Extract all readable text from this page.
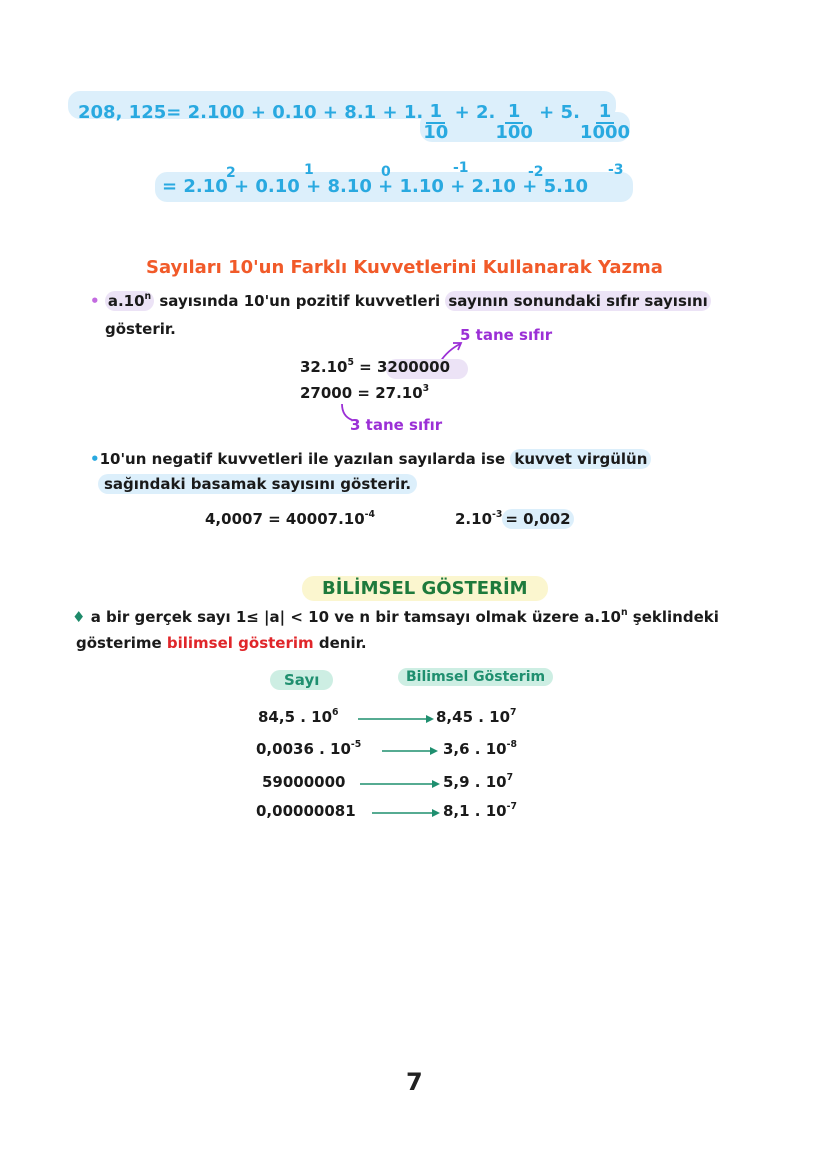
208, 125= 2.100 + 0.10 + 8.1 + 1. $\frac{1}{10} + 2$. $\frac{1}{100} + 5$. $\frac{1}{1000}$
= 2.10 + 0.10 + 8.10 + 1.10 + 2.10 + 5.10
2	1	0	-1	-2	-3
Sayıları 10'un Farklı Kuvvetlerini Kullanarak Yazma
• a.10$^n$ sayısında 10'un pozitif kuvvetleri sayının sonundaki sıfır sayısını
gösterir.	5 tane sıfır
$32.10^5 = 3200000$
$27000 = 27.10^3$
3 tane sıfır
•10'un negatif kuvvetleri ile yazılan sayılarda ise kuvvet virgülün
sağındaki basamak sayısını gösterir.
$4,0007 = 40007.10^{-4}$	$2.10^{-3} = 0,002$
BİLİMSEL GÖSTERİM
♦ a bir gerçek sayı 1≤ |a| < 10 ve n bir tamsayı olmak üzere a.10$^n$ şeklindeki
gösterime bilimsel gösterim denir.
Sayı	Bilimsel Gösterim
84,5 . $10^6$	8,45 . $10^7$
0,0036 . $10^{-5}$	3,6 . $10^{-8}$
59000000	5,9 . $10^7$
0,00000081	8,1 . $10^{-7}$
7
